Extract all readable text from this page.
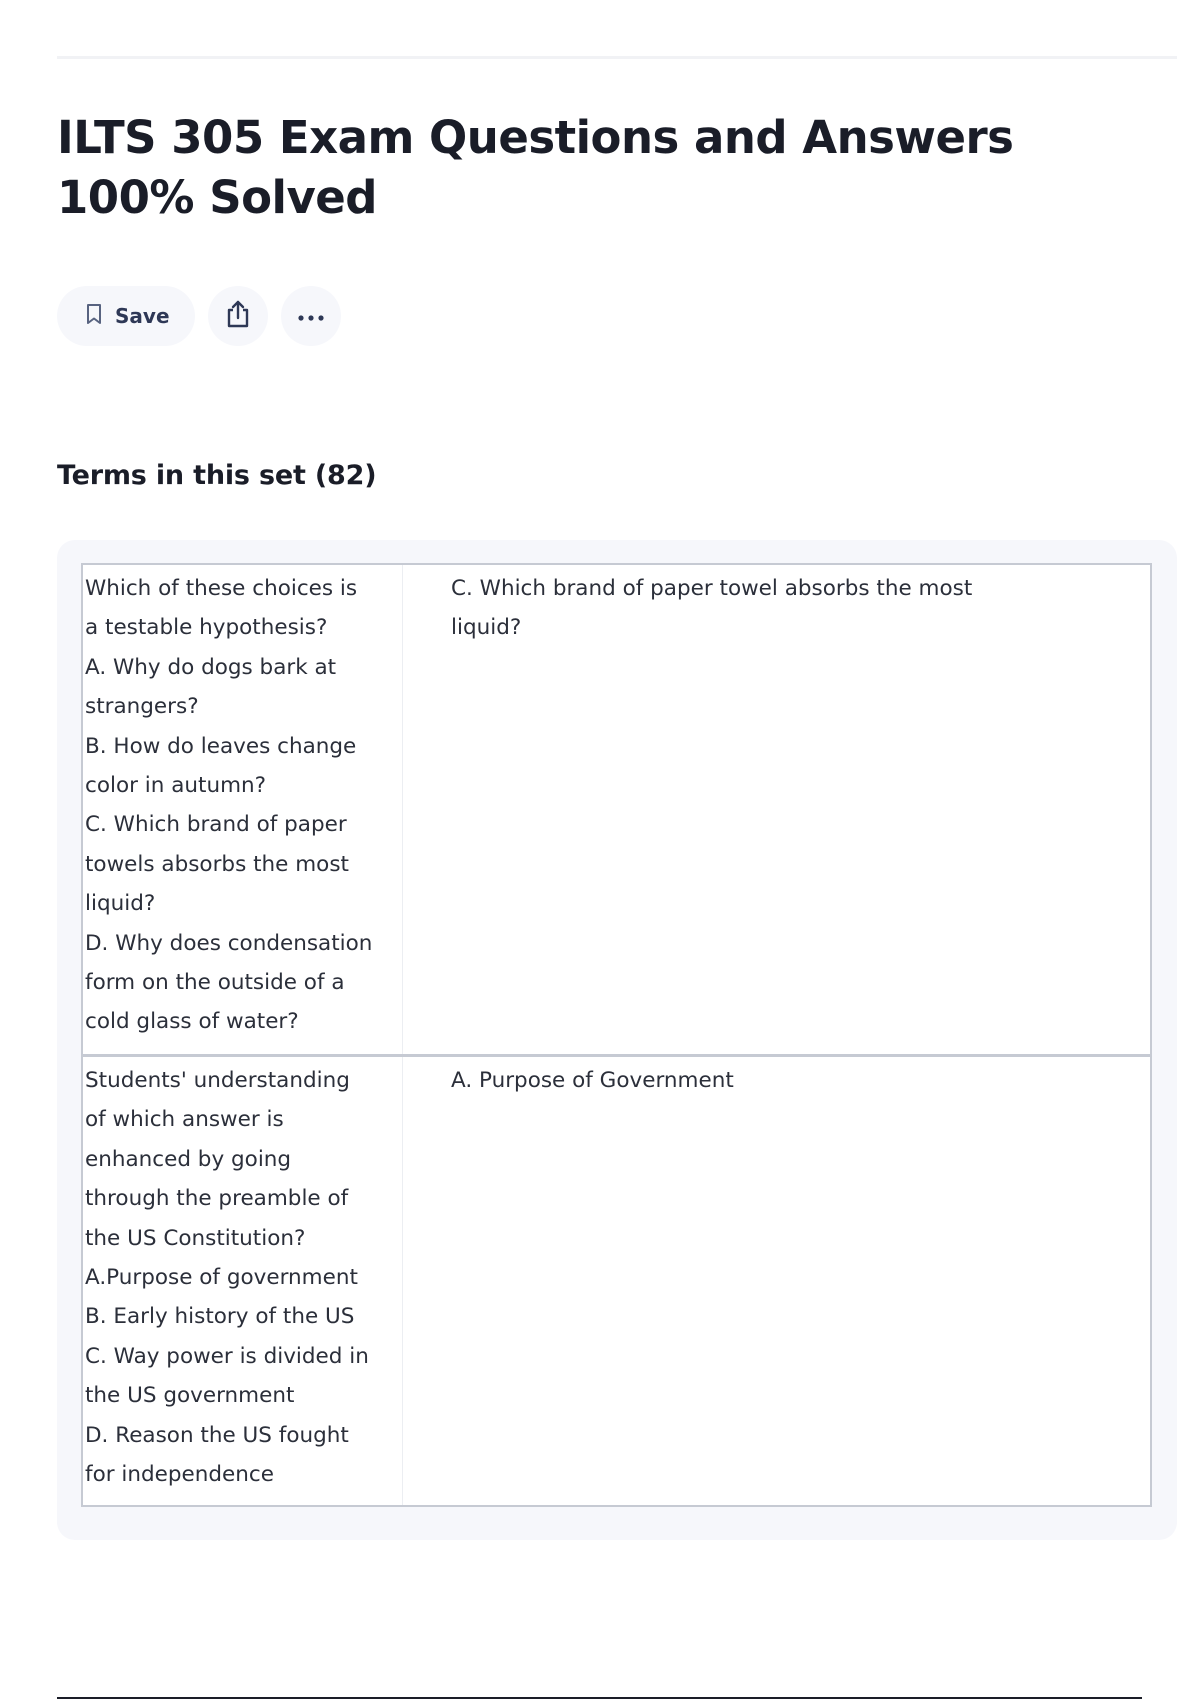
ILTS 305 Exam Questions and Answers 100% Solved
Save
Terms in this set (82)
Which of these choices is
a testable hypothesis?
A. Why do dogs bark at
strangers?
B. How do leaves change
color in autumn?
C. Which brand of paper
towels absorbs the most
liquid?
D. Why does condensation
form on the outside of a
cold glass of water?
C. Which brand of paper towel absorbs the most liquid?
Students' understanding
of which answer is
enhanced by going
through the preamble of
the US Constitution?
A.Purpose of government
B. Early history of the US
C. Way power is divided in
the US government
D. Reason the US fought
for independence
A. Purpose of Government
